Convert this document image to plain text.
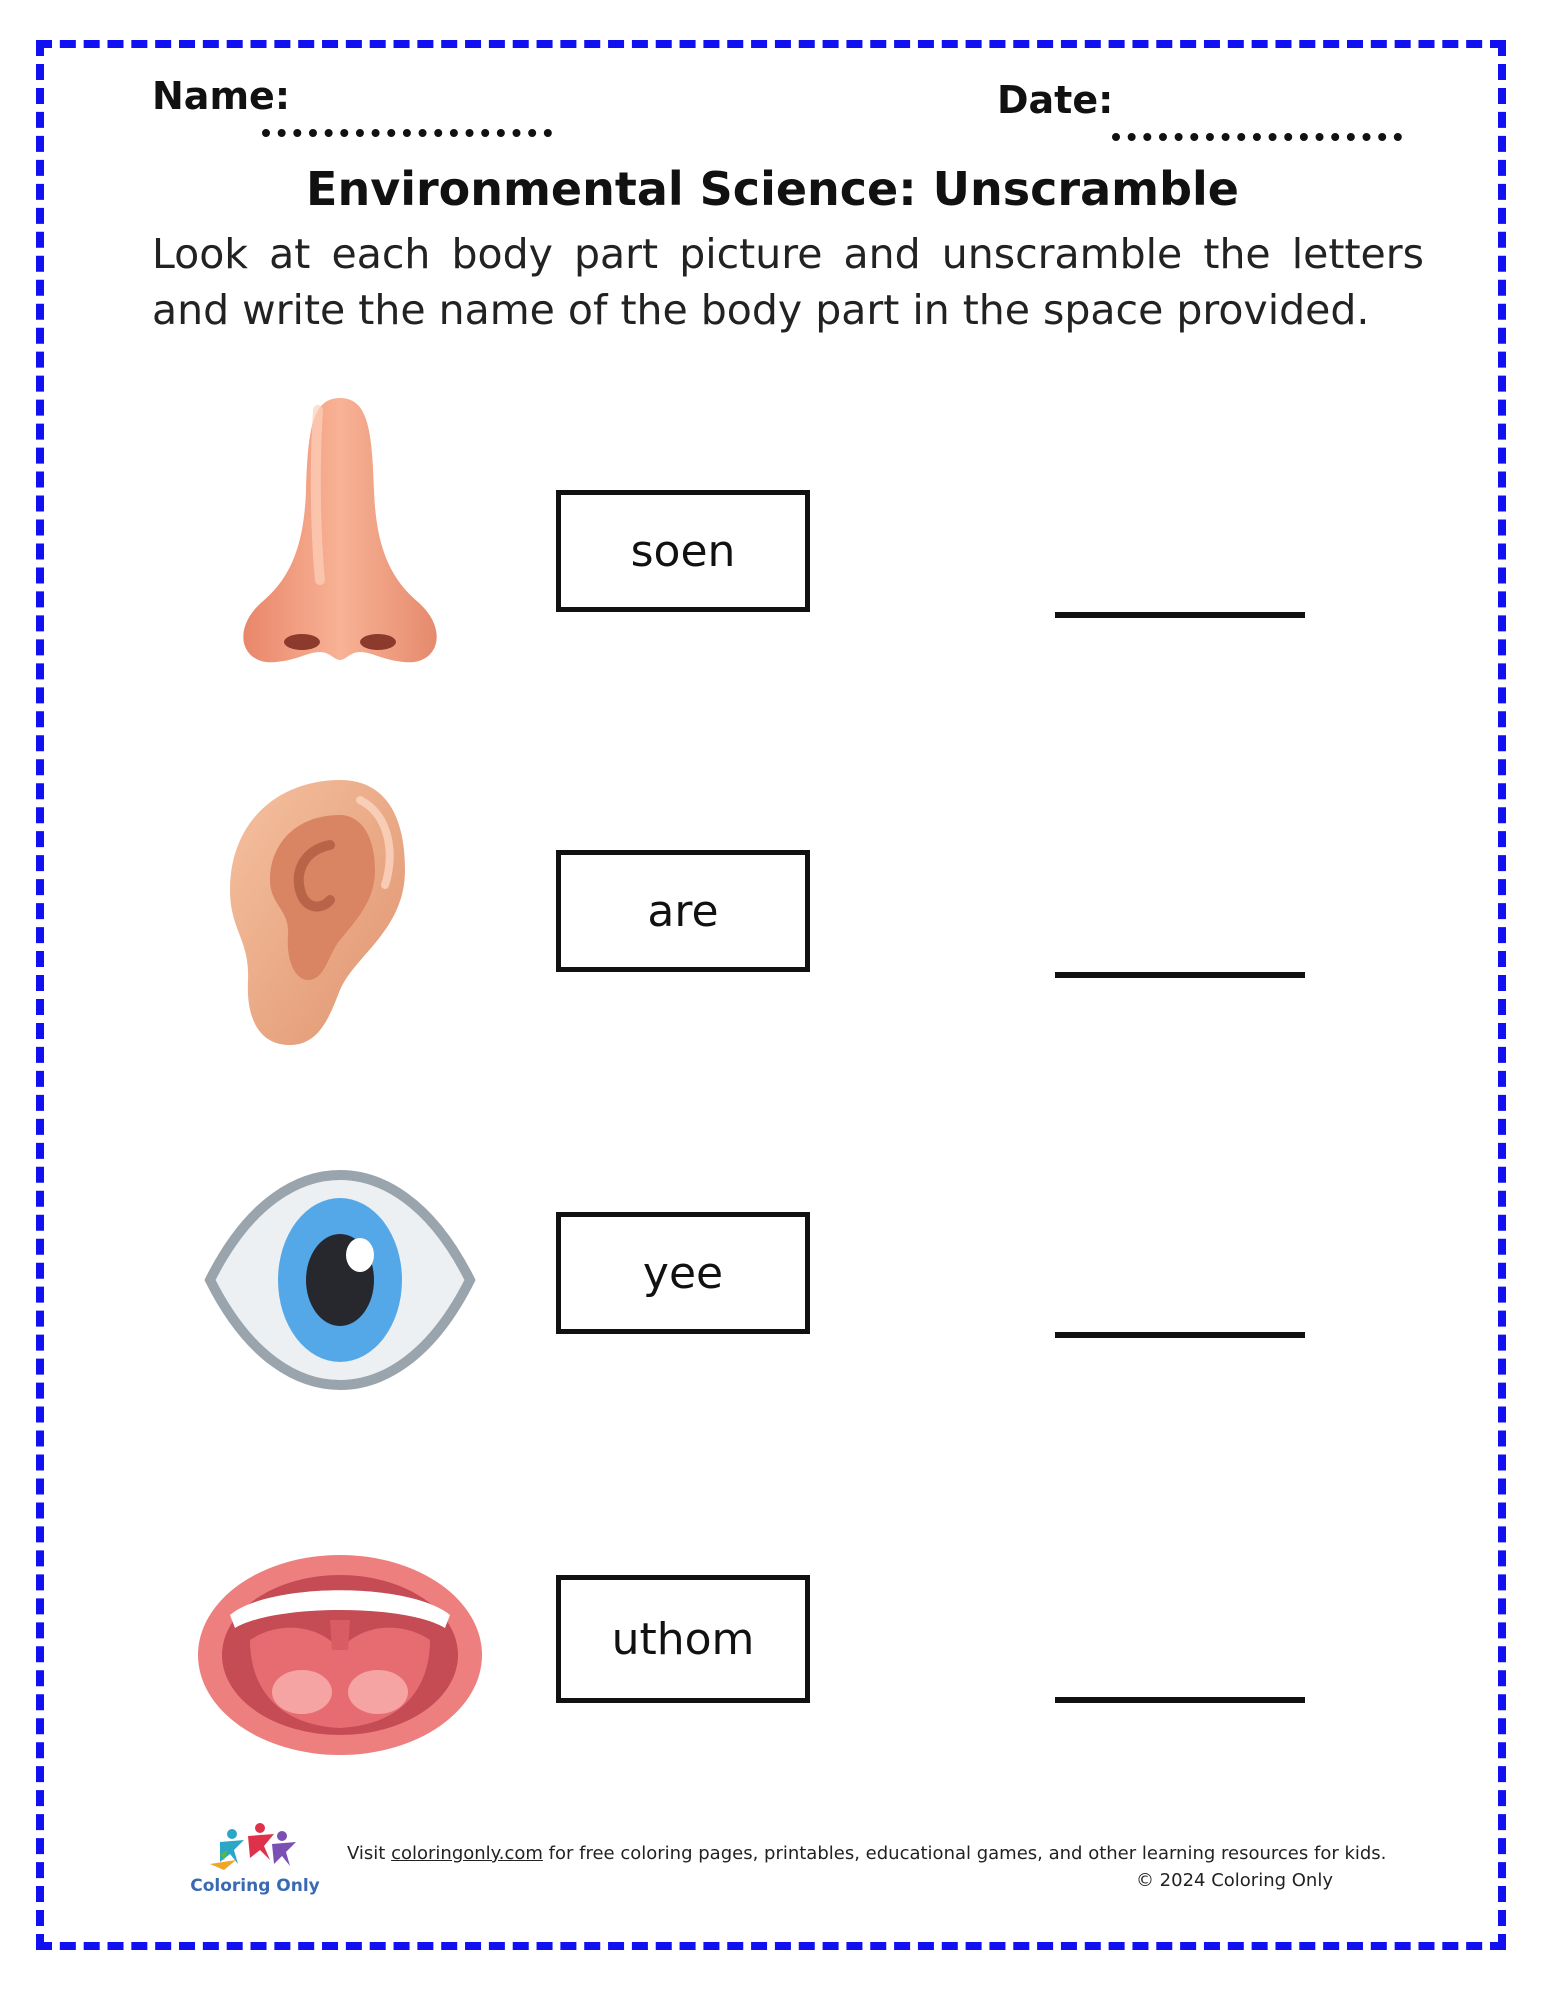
Name:	Date:
Environmental Science: Unscramble
Look at each body part picture and unscramble the letters and write the name of the body part in the space provided.
soen
are
yee
uthom
Coloring Only
Visit coloringonly.com for free coloring pages, printables, educational games, and other learning resources for kids.
© 2024 Coloring Only
